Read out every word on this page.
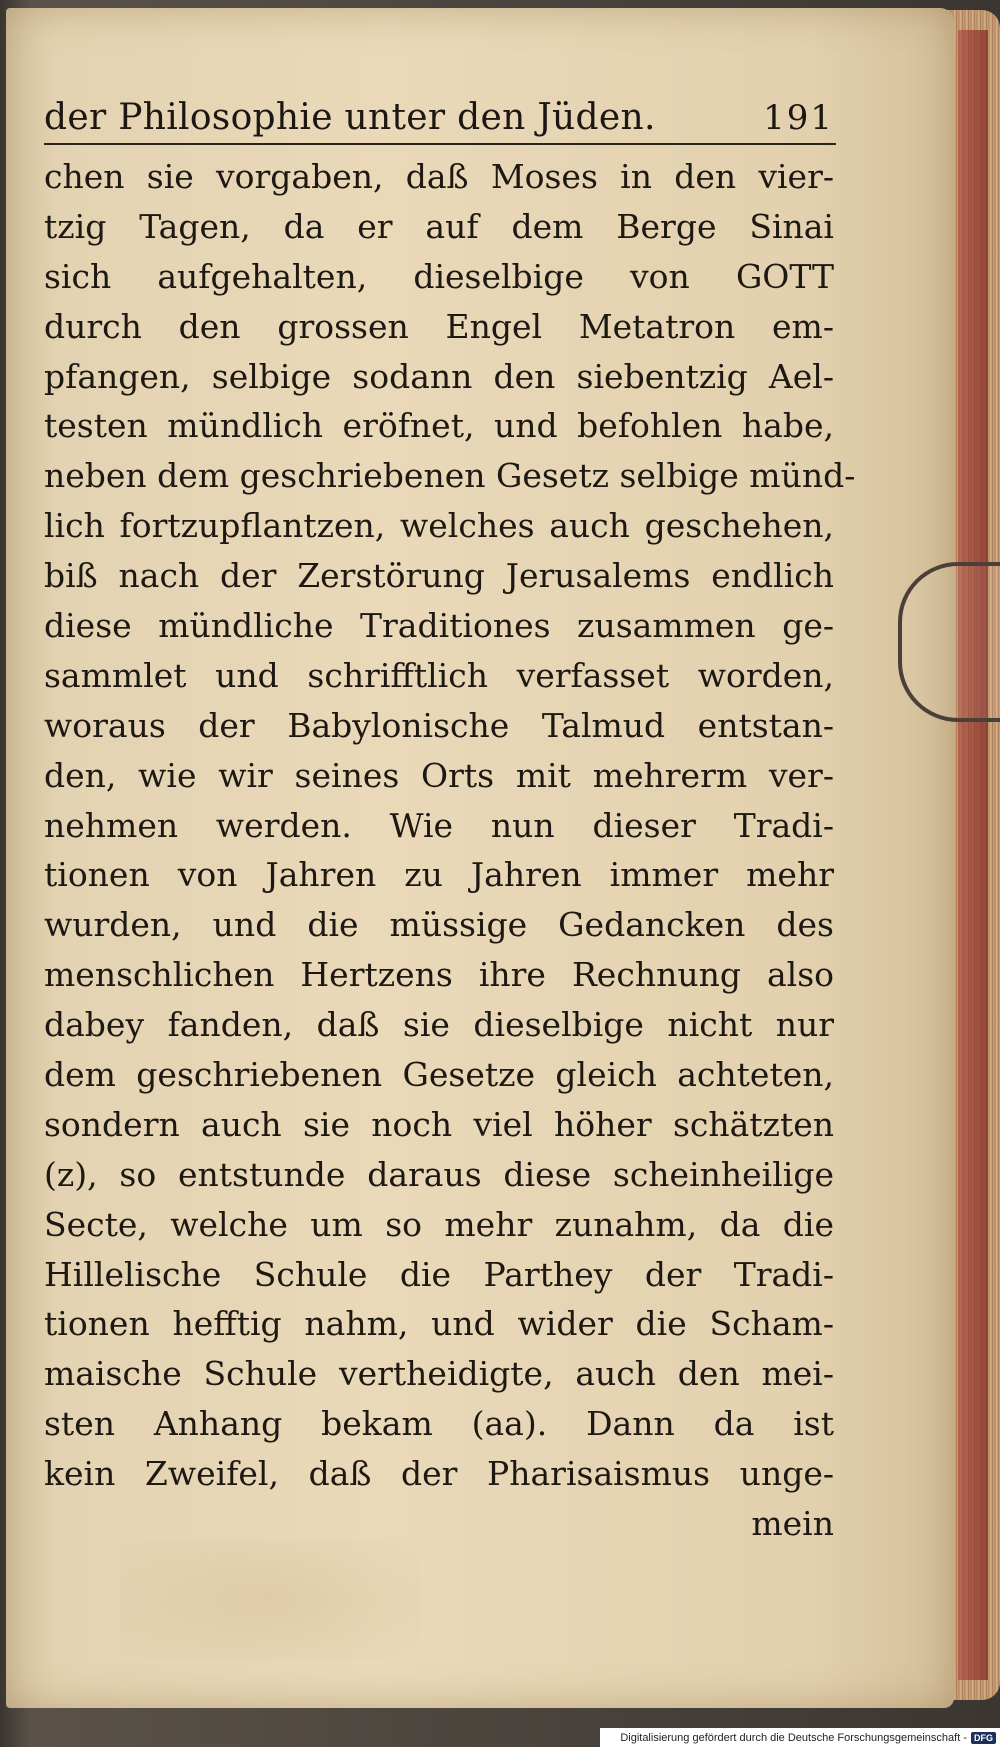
der Philosophie unter den Jüden.	191
chen sie vorgaben, daß Moses in den vier-
tzig Tagen, da er auf dem Berge Sinai
sich aufgehalten, dieselbige von GOTT
durch den grossen Engel Metatron em-
pfangen, selbige sodann den siebentzig Ael-
testen mündlich eröfnet, und befohlen habe,
neben dem geschriebenen Gesetz selbige münd-
lich fortzupflantzen, welches auch geschehen,
biß nach der Zerstörung Jerusalems endlich
diese mündliche Traditiones zusammen ge-
sammlet und schrifftlich verfasset worden,
woraus der Babylonische Talmud entstan-
den, wie wir seines Orts mit mehrerm ver-
nehmen werden. Wie nun dieser Tradi-
tionen von Jahren zu Jahren immer mehr
wurden, und die müssige Gedancken des
menschlichen Hertzens ihre Rechnung also
dabey fanden, daß sie dieselbige nicht nur
dem geschriebenen Gesetze gleich achteten,
sondern auch sie noch viel höher schätzten
(z), so entstunde daraus diese scheinheilige
Secte, welche um so mehr zunahm, da die
Hillelische Schule die Parthey der Tradi-
tionen hefftig nahm, und wider die Scham-
maische Schule vertheidigte, auch den mei-
sten Anhang bekam (aa). Dann da ist
kein Zweifel, daß der Pharisaismus unge-
mein
Digitalisierung gefördert durch die Deutsche Forschungsgemeinschaft - DFG
